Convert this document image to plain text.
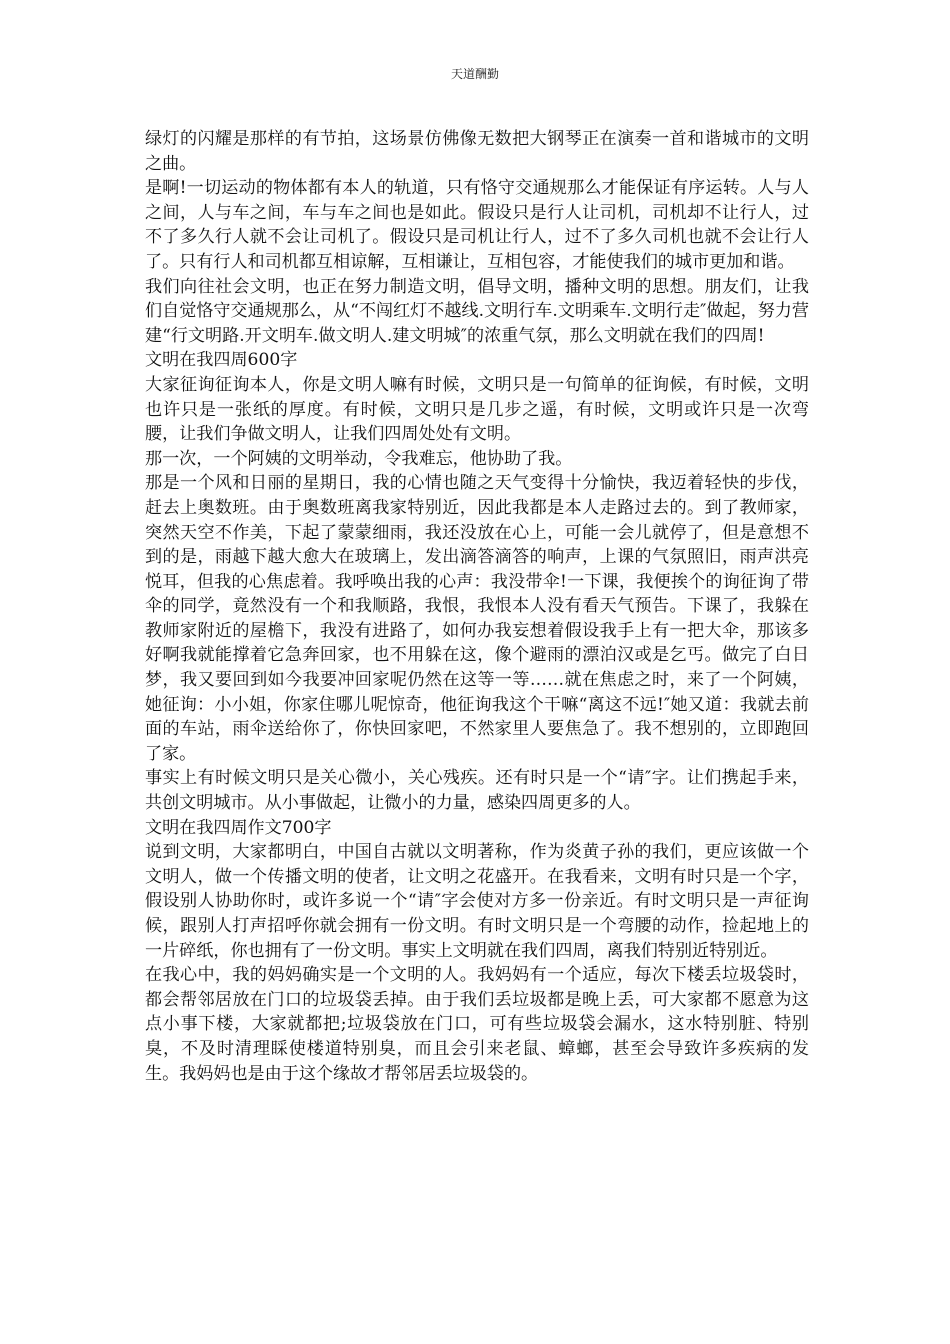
天道酬勤

绿灯的闪耀是那样的有节拍，这场景仿佛像无数把大钢琴正在演奏一首和谐城市的文明之曲。

是啊!一切运动的物体都有本人的轨道，只有恪守交通规那么才能保证有序运转。人与人之间，人与车之间，车与车之间也是如此。假设只是行人让司机，司机却不让行人，过不了多久行人就不会让司机了。假设只是司机让行人，过不了多久司机也就不会让行人了。只有行人和司机都互相谅解，互相谦让，互相包容，才能使我们的城市更加和谐。

我们向往社会文明，也正在努力制造文明，倡导文明，播种文明的思想。朋友们，让我们自觉恪守交通规那么，从“不闯红灯不越线.文明行车.文明乘车.文明行走″做起，努力营建“行文明路.开文明车.做文明人.建文明城″的浓重气氛，那么文明就在我们的四周!

文明在我四周600字

大家征询征询本人，你是文明人嘛有时候，文明只是一句简单的征询候，有时候，文明也许只是一张纸的厚度。有时候，文明只是几步之遥，有时候，文明或许只是一次弯腰，让我们争做文明人，让我们四周处处有文明。

那一次，一个阿姨的文明举动，令我难忘，他协助了我。

那是一个风和日丽的星期日，我的心情也随之天气变得十分愉快，我迈着轻快的步伐，赶去上奥数班。由于奥数班离我家特别近，因此我都是本人走路过去的。到了教师家，突然天空不作美，下起了蒙蒙细雨，我还没放在心上，可能一会儿就停了，但是意想不到的是，雨越下越大愈大在玻璃上，发出滴答滴答的响声，上课的气氛照旧，雨声洪亮悦耳，但我的心焦虑着。我呼唤出我的心声：我没带伞!一下课，我便挨个的询征询了带伞的同学，竟然没有一个和我顺路，我恨，我恨本人没有看天气预告。下课了，我躲在教师家附近的屋檐下，我没有进路了，如何办我妄想着假设我手上有一把大伞，那该多好啊我就能撑着它急奔回家，也不用躲在这，像个避雨的漂泊汉或是乞丐。做完了白日梦，我又要回到如今我要冲回家呢仍然在这等一等……就在焦虑之时，来了一个阿姨，她征询：小小姐，你家住哪儿呢惊奇，他征询我这个干嘛“离这不远!″她又道：我就去前面的车站，雨伞送给你了，你快回家吧，不然家里人要焦急了。我不想别的，立即跑回了家。

事实上有时候文明只是关心微小，关心残疾。还有时只是一个“请″字。让们携起手来，共创文明城市。从小事做起，让微小的力量，感染四周更多的人。

文明在我四周作文700字

说到文明，大家都明白，中国自古就以文明著称，作为炎黄子孙的我们，更应该做一个文明人，做一个传播文明的使者，让文明之花盛开。在我看来，文明有时只是一个字，假设别人协助你时，或许多说一个“请″字会使对方多一份亲近。有时文明只是一声征询候，跟别人打声招呼你就会拥有一份文明。有时文明只是一个弯腰的动作，捡起地上的一片碎纸，你也拥有了一份文明。事实上文明就在我们四周，离我们特别近特别近。

在我心中，我的妈妈确实是一个文明的人。我妈妈有一个适应，每次下楼丢垃圾袋时，都会帮邻居放在门口的垃圾袋丢掉。由于我们丢垃圾都是晚上丢，可大家都不愿意为这点小事下楼，大家就都把;垃圾袋放在门口，可有些垃圾袋会漏水，这水特别脏、特别臭，不及时清理睬使楼道特别臭，而且会引来老鼠、蟑螂，甚至会导致许多疾病的发生。我妈妈也是由于这个缘故才帮邻居丢垃圾袋的。
